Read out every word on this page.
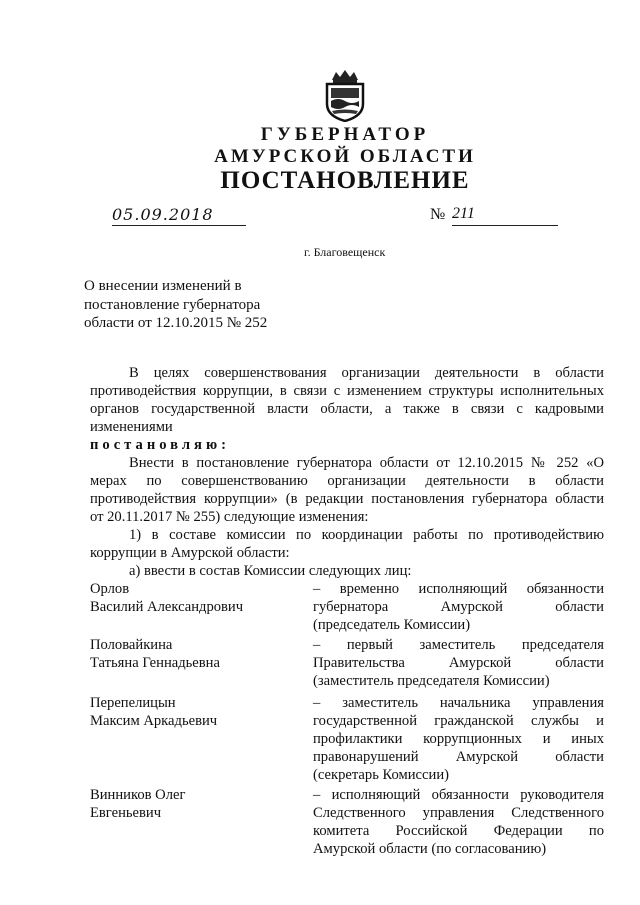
ГУБЕРНАТОР
АМУРСКОЙ ОБЛАСТИ
ПОСТАНОВЛЕНИЕ
05.09.2018	№ 211
г. Благовещенск
О внесении изменений в
постановление губернатора
области от 12.10.2015 № 252
В целях совершенствования организации деятельности в области
противодействия коррупции, в связи с изменением структуры исполнительных
органов государственной власти области, а также в связи с кадровыми
изменениями
постановляю:
Внести в постановление губернатора области от 12.10.2015 № 252 «О
мерах по совершенствованию организации деятельности в области
противодействия коррупции» (в редакции постановления губернатора области
от 20.11.2017 № 255) следующие изменения:
1) в составе комиссии по координации работы по противодействию
коррупции в Амурской области:
а) ввести в состав Комиссии следующих лиц:
Орлов
Василий Александрович
– временно исполняющий обязанности
губернатора Амурской области
(председатель Комиссии)
Половайкина
Татьяна Геннадьевна
– первый заместитель председателя
Правительства Амурской области
(заместитель председателя Комиссии)
Перепелицын
Максим Аркадьевич
– заместитель начальника управления
государственной гражданской службы и
профилактики коррупционных и иных
правонарушений Амурской области
(секретарь Комиссии)
Винников Олег
Евгеньевич
– исполняющий обязанности руководителя
Следственного управления Следственного
комитета Российской Федерации по
Амурской области (по согласованию)
